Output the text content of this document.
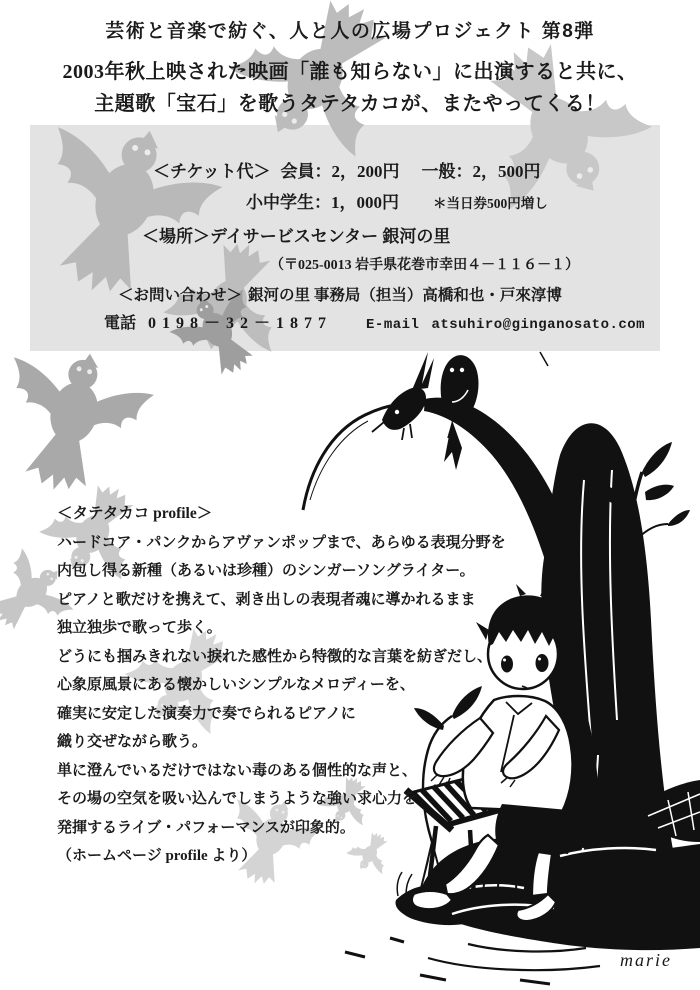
芸術と音楽で紡ぐ、人と人の広場プロジェクト 第8弾
2003年秋上映された映画「誰も知らない」に出演すると共に、
主題歌「宝石」を歌うタテタカコが、またやってくる！
＜チケット代＞ 会員：2，200円 一般：2，500円
小中学生：1，000円	＊当日券500円増し
＜場所＞デイサービスセンター 銀河の里
（〒025-0013 岩手県花巻市幸田４－１１６－１）
＜お問い合わせ＞ 銀河の里 事務局（担当）高橋和也・戸來淳博
電話 0198－32－1877 E-mail atsuhiro@ginganosato.com
＜タテタカコ profile＞
ハードコア・パンクからアヴァンポップまで、あらゆる表現分野を
内包し得る新種（あるいは珍種）のシンガーソングライター。
ピアノと歌だけを携えて、剥き出しの表現者魂に導かれるまま
独立独歩で歌って歩く。
どうにも掴みきれない捩れた感性から特徴的な言葉を紡ぎだし、
心象原風景にある懐かしいシンプルなメロディーを、
確実に安定した演奏力で奏でられるピアノに
織り交ぜながら歌う。
単に澄んでいるだけではない毒のある個性的な声と、
その場の空気を吸い込んでしまうような強い求心力を
発揮するライブ・パフォーマンスが印象的。
（ホームページ profile より）
marie
